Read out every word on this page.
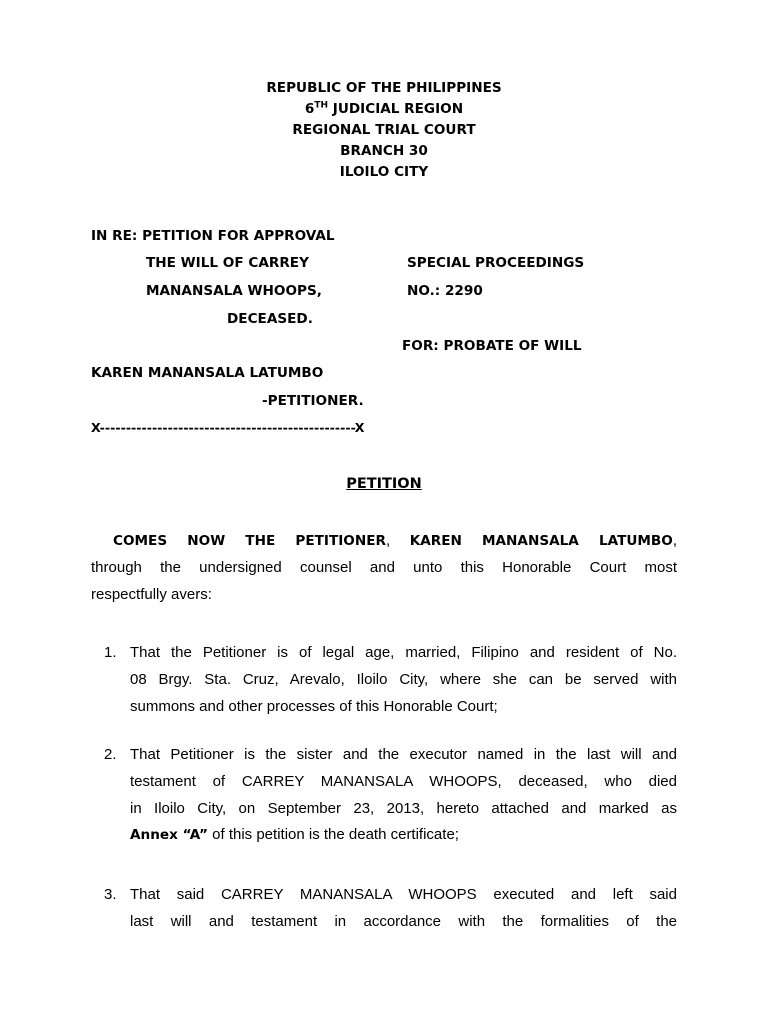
REPUBLIC OF THE PHILIPPINES
6TH JUDICIAL REGION
REGIONAL TRIAL COURT
BRANCH 30
ILOILO CITY
IN RE: PETITION FOR APPROVAL
THE WILL OF CARREY
MANANSALA WHOOPS,
DECEASED.
SPECIAL PROCEEDINGS
NO.: 2290
FOR: PROBATE OF WILL
KAREN MANANSALA LATUMBO
-PETITIONER.
X-------------------------------------------------X
PETITION
COMES NOW THE PETITIONER, KAREN MANANSALA LATUMBO,
through the undersigned counsel and unto this Honorable Court most
respectfully avers:
1. That the Petitioner is of legal age, married, Filipino and resident of No.
08 Brgy. Sta. Cruz, Arevalo, Iloilo City, where she can be served with
summons and other processes of this Honorable Court;
2. That Petitioner is the sister and the executor named in the last will and
testament of CARREY MANANSALA WHOOPS, deceased, who died
in Iloilo City, on September 23, 2013, hereto attached and marked as
Annex “A” of this petition is the death certificate;
3. That said CARREY MANANSALA WHOOPS executed and left said
last will and testament in accordance with the formalities of the
